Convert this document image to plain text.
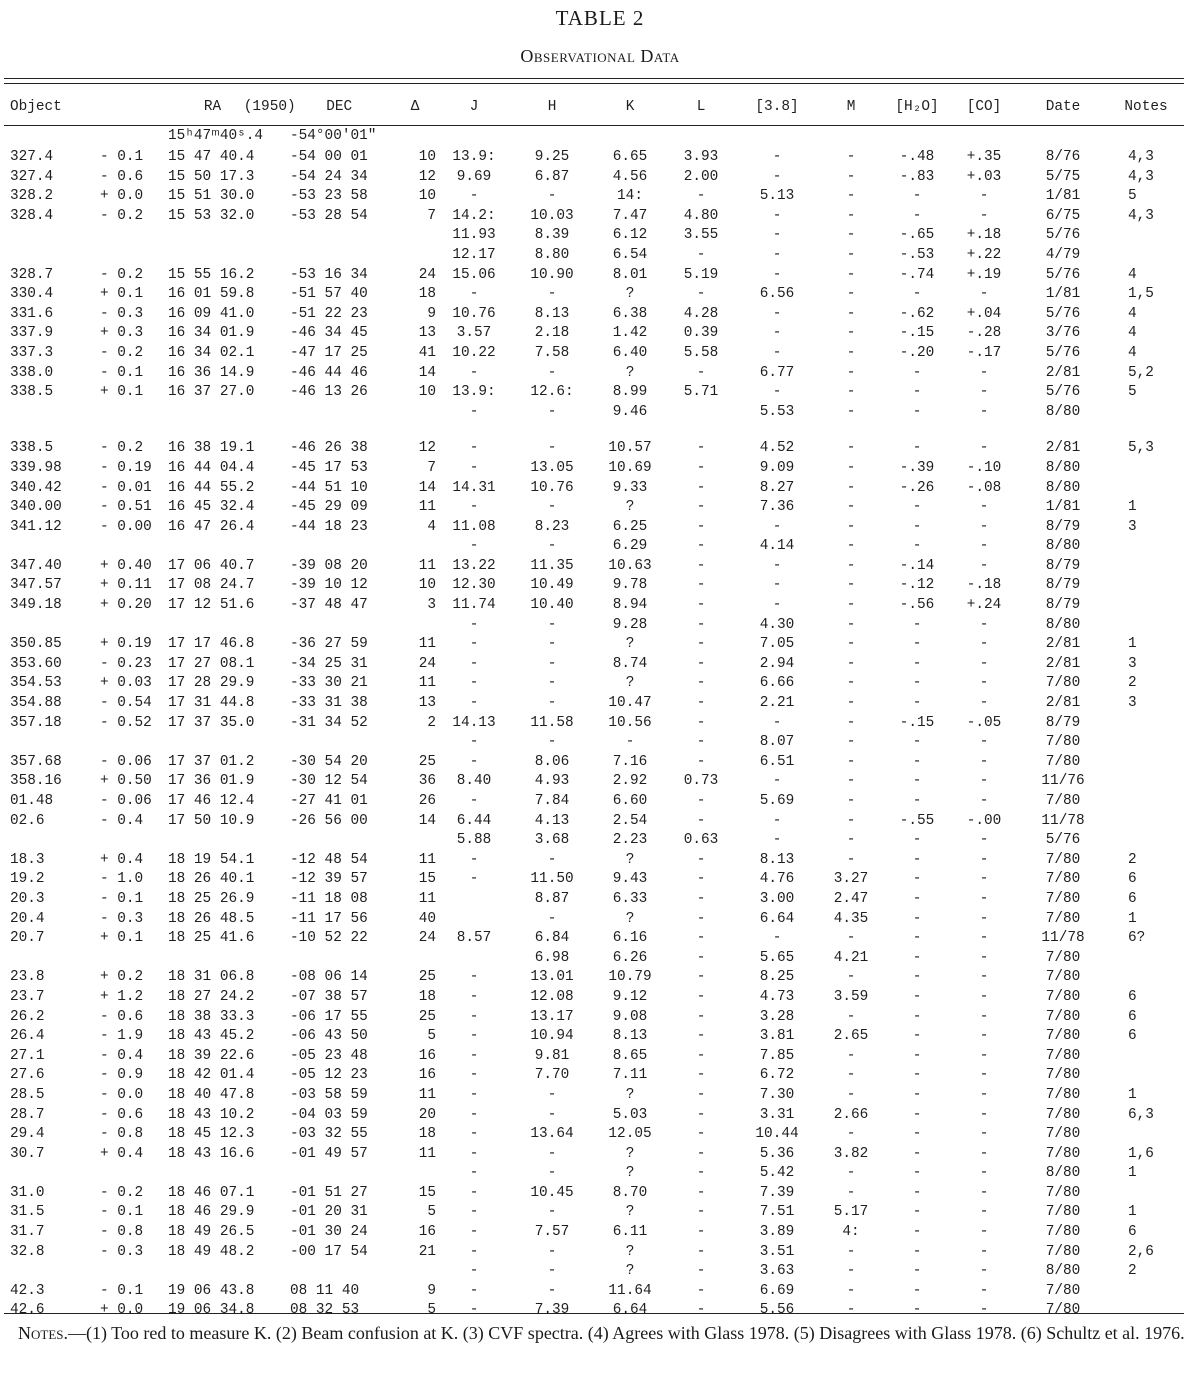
TABLE 2
Observational Data
Object		RA (1950) DEC		Δ	J	H	K	L	[3.8]	M	[H₂O]	[CO]	Date	Notes
		15ʰ47ᵐ40ˢ.4	-54°00′01″											
327.4	- 0.1	15 47 40.4	-54 00 01	10	13.9:	9.25	6.65	3.93	-	-	-.48	+.35	8/76	4,3
327.4	- 0.6	15 50 17.3	-54 24 34	12	9.69	6.87	4.56	2.00	-	-	-.83	+.03	5/75	4,3
328.2	+ 0.0	15 51 30.0	-53 23 58	10	-	-	14:	-	5.13	-	-	-	1/81	5
328.4	- 0.2	15 53 32.0	-53 28 54	7	14.2:	10.03	7.47	4.80	-	-	-	-	6/75	4,3
					11.93	8.39	6.12	3.55	-	-	-.65	+.18	5/76	
					12.17	8.80	6.54	-	-	-	-.53	+.22	4/79	
328.7	- 0.2	15 55 16.2	-53 16 34	24	15.06	10.90	8.01	5.19	-	-	-.74	+.19	5/76	4
330.4	+ 0.1	16 01 59.8	-51 57 40	18	-	-	?	-	6.56	-	-	-	1/81	1,5
331.6	- 0.3	16 09 41.0	-51 22 23	9	10.76	8.13	6.38	4.28	-	-	-.62	+.04	5/76	4
337.9	+ 0.3	16 34 01.9	-46 34 45	13	3.57	2.18	1.42	0.39	-	-	-.15	-.28	3/76	4
337.3	- 0.2	16 34 02.1	-47 17 25	41	10.22	7.58	6.40	5.58	-	-	-.20	-.17	5/76	4
338.0	- 0.1	16 36 14.9	-46 44 46	14	-	-	?	-	6.77	-	-	-	2/81	5,2
338.5	+ 0.1	16 37 27.0	-46 13 26	10	13.9:	12.6:	8.99	5.71	-	-	-	-	5/76	5
					-	-	9.46		5.53	-	-	-	8/80	

338.5	- 0.2	16 38 19.1	-46 26 38	12	-	-	10.57	-	4.52	-	-	-	2/81	5,3
339.98	- 0.19	16 44 04.4	-45 17 53	7	-	13.05	10.69	-	9.09	-	-.39	-.10	8/80	
340.42	- 0.01	16 44 55.2	-44 51 10	14	14.31	10.76	9.33	-	8.27	-	-.26	-.08	8/80	
340.00	- 0.51	16 45 32.4	-45 29 09	11	-	-	?	-	7.36	-	-	-	1/81	1
341.12	- 0.00	16 47 26.4	-44 18 23	4	11.08	8.23	6.25	-	-	-	-	-	8/79	3
					-	-	6.29	-	4.14	-	-	-	8/80	
347.40	+ 0.40	17 06 40.7	-39 08 20	11	13.22	11.35	10.63	-	-	-	-.14	-	8/79	
347.57	+ 0.11	17 08 24.7	-39 10 12	10	12.30	10.49	9.78	-	-	-	-.12	-.18	8/79	
349.18	+ 0.20	17 12 51.6	-37 48 47	3	11.74	10.40	8.94	-	-	-	-.56	+.24	8/79	
					-	-	9.28	-	4.30	-	-	-	8/80	
350.85	+ 0.19	17 17 46.8	-36 27 59	11	-	-	?	-	7.05	-	-	-	2/81	1
353.60	- 0.23	17 27 08.1	-34 25 31	24	-	-	8.74	-	2.94	-	-	-	2/81	3
354.53	+ 0.03	17 28 29.9	-33 30 21	11	-	-	?	-	6.66	-	-	-	7/80	2
354.88	- 0.54	17 31 44.8	-33 31 38	13	-	-	10.47	-	2.21	-	-	-	2/81	3
357.18	- 0.52	17 37 35.0	-31 34 52	2	14.13	11.58	10.56	-	-	-	-.15	-.05	8/79	
					-	-	-	-	8.07	-	-	-	7/80	
357.68	- 0.06	17 37 01.2	-30 54 20	25	-	8.06	7.16	-	6.51	-	-	-	7/80	
358.16	+ 0.50	17 36 01.9	-30 12 54	36	8.40	4.93	2.92	0.73	-	-	-	-	11/76	
01.48	- 0.06	17 46 12.4	-27 41 01	26	-	7.84	6.60	-	5.69	-	-	-	7/80	
02.6	- 0.4	17 50 10.9	-26 56 00	14	6.44	4.13	2.54	-	-	-	-.55	-.00	11/78	
					5.88	3.68	2.23	0.63	-	-	-	-	5/76	
18.3	+ 0.4	18 19 54.1	-12 48 54	11	-	-	?	-	8.13	-	-	-	7/80	2
19.2	- 1.0	18 26 40.1	-12 39 57	15	-	11.50	9.43	-	4.76	3.27	-	-	7/80	6
20.3	- 0.1	18 25 26.9	-11 18 08	11		8.87	6.33	-	3.00	2.47	-	-	7/80	6
20.4	- 0.3	18 26 48.5	-11 17 56	40		-	?	-	6.64	4.35	-	-	7/80	1
20.7	+ 0.1	18 25 41.6	-10 52 22	24	8.57	6.84	6.16	-	-	-	-	-	11/78	6?
						6.98	6.26	-	5.65	4.21	-	-	7/80	
23.8	+ 0.2	18 31 06.8	-08 06 14	25	-	13.01	10.79	-	8.25	-	-	-	7/80	
23.7	+ 1.2	18 27 24.2	-07 38 57	18	-	12.08	9.12	-	4.73	3.59	-	-	7/80	6
26.2	- 0.6	18 38 33.3	-06 17 55	25	-	13.17	9.08	-	3.28	-	-	-	7/80	6
26.4	- 1.9	18 43 45.2	-06 43 50	5	-	10.94	8.13	-	3.81	2.65	-	-	7/80	6
27.1	- 0.4	18 39 22.6	-05 23 48	16	-	9.81	8.65	-	7.85	-	-	-	7/80	
27.6	- 0.9	18 42 01.4	-05 12 23	16	-	7.70	7.11	-	6.72	-	-	-	7/80	
28.5	- 0.0	18 40 47.8	-03 58 59	11	-	-	?	-	7.30	-	-	-	7/80	1
28.7	- 0.6	18 43 10.2	-04 03 59	20	-	-	5.03	-	3.31	2.66	-	-	7/80	6,3
29.4	- 0.8	18 45 12.3	-03 32 55	18	-	13.64	12.05	-	10.44	-	-	-	7/80	
30.7	+ 0.4	18 43 16.6	-01 49 57	11	-	-	?	-	5.36	3.82	-	-	7/80	1,6
					-	-	?	-	5.42	-	-	-	8/80	1
31.0	- 0.2	18 46 07.1	-01 51 27	15	-	10.45	8.70	-	7.39	-	-	-	7/80	
31.5	- 0.1	18 46 29.9	-01 20 31	5	-	-	?	-	7.51	5.17	-	-	7/80	1
31.7	- 0.8	18 49 26.5	-01 30 24	16	-	7.57	6.11	-	3.89	4:	-	-	7/80	6
32.8	- 0.3	18 49 48.2	-00 17 54	21	-	-	?	-	3.51	-	-	-	7/80	2,6
					-	-	?	-	3.63	-	-	-	8/80	2
42.3	- 0.1	19 06 43.8	08 11 40	9	-	-	11.64	-	6.69	-	-	-	7/80	
42.6	+ 0.0	19 06 34.8	08 32 53	5	-	7.39	6.64	-	5.56	-	-	-	7/80	
Notes.—(1) Too red to measure K. (2) Beam confusion at K. (3) CVF spectra. (4) Agrees with Glass 1978. (5) Disagrees with Glass 1978. (6) Schultz et al. 1976.
